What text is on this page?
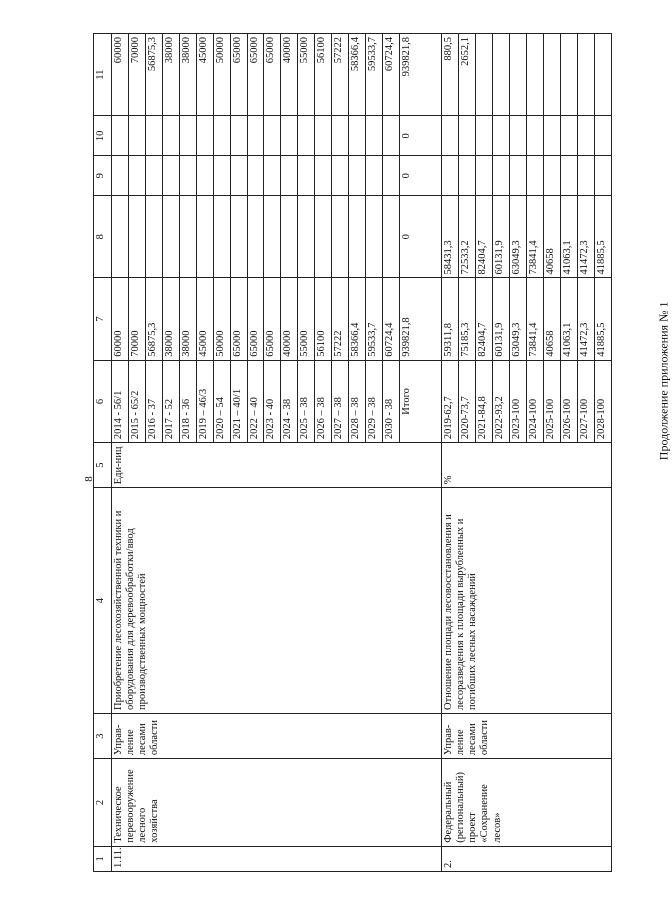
8
Продолжение приложения № 1
1	2	3	4	5	6	7	8	9	10	11
1.11.	Техническое перевооружение лесного хозяйства	Управ-ление лесами области	Приобретение лесохозяйственной техники и оборудования для деревообработки/ввод производственных мощностей	Еди-ниц	2014 - 56/1	60000				60000
					2015 - 65/2	70000				70000
					2016 - 37	56875,3				56875,3
					2017 - 52	38000				38000
					2018 - 36	38000				38000
					2019 – 46/3	45000				45000
					2020 – 54	50000				50000
					2021 – 40/1	65000				65000
					2022 – 40	65000				65000
					2023 - 40	65000				65000
					2024 - 38	40000				40000
					2025 – 38	55000				55000
					2026 – 38	56100				56100
					2027 – 38	57222				57222
					2028 – 38	58366,4				58366,4
					2029 – 38	59533,7				59533,7
					2030 - 38	60724,4				60724,4
					Итого	939821,8	0	0	0	939821,8
2.	Федеральный (региональный) проект «Сохранение лесов»	Управ-ление лесами области	Отношение площади лесовосстановления и лесоразведения к площади вырубленных и погибших лесных насаждений	%	2019-62,7	59311,8	58431,3			880,5
					2020-73,7	75185,3	72533,2			2652,1
					2021-84,8	82404,7	82404,7			
					2022-93,2	60131,9	60131,9			
					2023-100	63049,3	63049,3			
					2024-100	73841,4	73841,4			
					2025-100	40658	40658			
					2026-100	41063,1	41063,1			
					2027-100	41472,3	41472,3			
					2028-100	41885,5	41885,5			
